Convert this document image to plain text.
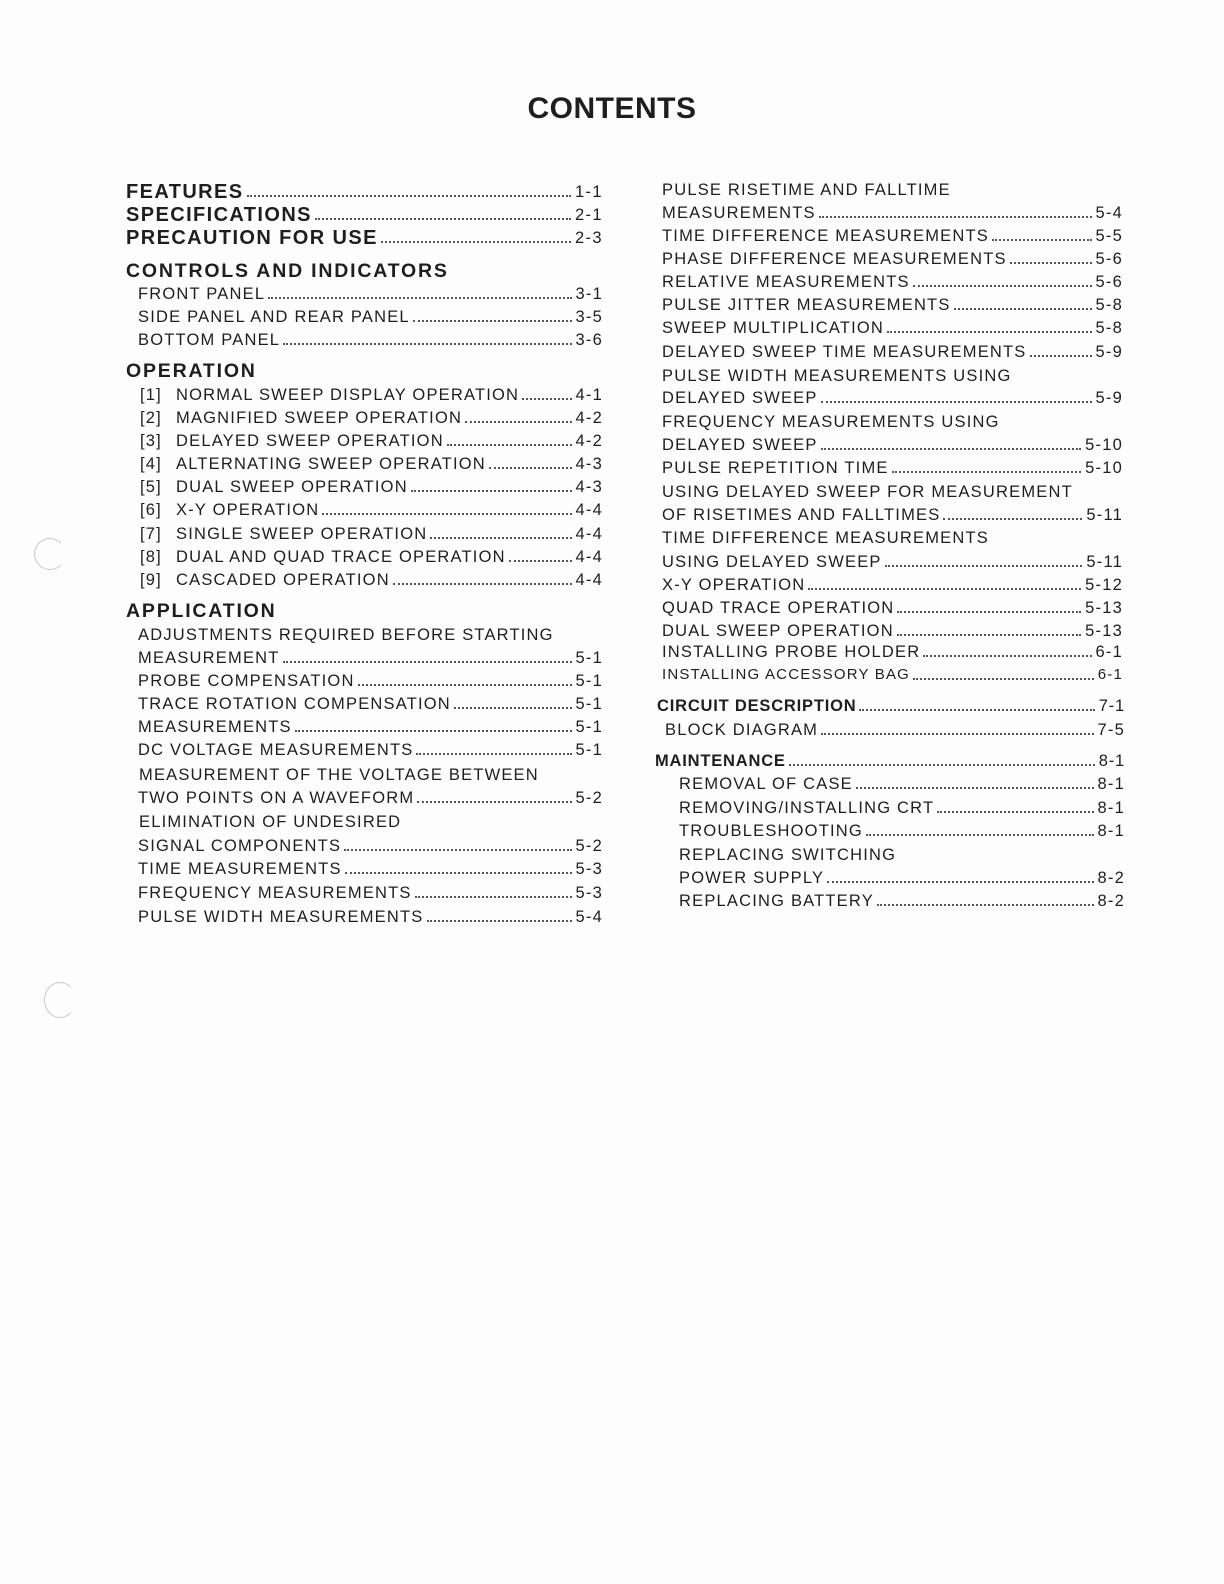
CONTENTS
FEATURES	1-1
SPECIFICATIONS	2-1
PRECAUTION FOR USE	2-3
CONTROLS AND INDICATORS
FRONT PANEL	3-1
SIDE PANEL AND REAR PANEL	3-5
BOTTOM PANEL	3-6
OPERATION
[1] NORMAL SWEEP DISPLAY OPERATION	4-1
[2] MAGNIFIED SWEEP OPERATION	4-2
[3] DELAYED SWEEP OPERATION	4-2
[4] ALTERNATING SWEEP OPERATION	4-3
[5] DUAL SWEEP OPERATION	4-3
[6] X-Y OPERATION	4-4
[7] SINGLE SWEEP OPERATION	4-4
[8] DUAL AND QUAD TRACE OPERATION	4-4
[9] CASCADED OPERATION	4-4
APPLICATION
ADJUSTMENTS REQUIRED BEFORE STARTING
MEASUREMENT	5-1
PROBE COMPENSATION	5-1
TRACE ROTATION COMPENSATION	5-1
MEASUREMENTS	5-1
DC VOLTAGE MEASUREMENTS	5-1
MEASUREMENT OF THE VOLTAGE BETWEEN
TWO POINTS ON A WAVEFORM	5-2
ELIMINATION OF UNDESIRED
SIGNAL COMPONENTS	5-2
TIME MEASUREMENTS	5-3
FREQUENCY MEASUREMENTS	5-3
PULSE WIDTH MEASUREMENTS	5-4
PULSE RISETIME AND FALLTIME
MEASUREMENTS	5-4
TIME DIFFERENCE MEASUREMENTS	5-5
PHASE DIFFERENCE MEASUREMENTS	5-6
RELATIVE MEASUREMENTS	5-6
PULSE JITTER MEASUREMENTS	5-8
SWEEP MULTIPLICATION	5-8
DELAYED SWEEP TIME MEASUREMENTS	5-9
PULSE WIDTH MEASUREMENTS USING
DELAYED SWEEP	5-9
FREQUENCY MEASUREMENTS USING
DELAYED SWEEP	5-10
PULSE REPETITION TIME	5-10
USING DELAYED SWEEP FOR MEASUREMENT
OF RISETIMES AND FALLTIMES	5-11
TIME DIFFERENCE MEASUREMENTS
USING DELAYED SWEEP	5-11
X-Y OPERATION	5-12
QUAD TRACE OPERATION	5-13
DUAL SWEEP OPERATION	5-13
INSTALLING PROBE HOLDER	6-1
INSTALLING ACCESSORY BAG	6-1
CIRCUIT DESCRIPTION	7-1
BLOCK DIAGRAM	7-5
MAINTENANCE	8-1
REMOVAL OF CASE	8-1
REMOVING/INSTALLING CRT	8-1
TROUBLESHOOTING	8-1
REPLACING SWITCHING
POWER SUPPLY	8-2
REPLACING BATTERY	8-2
